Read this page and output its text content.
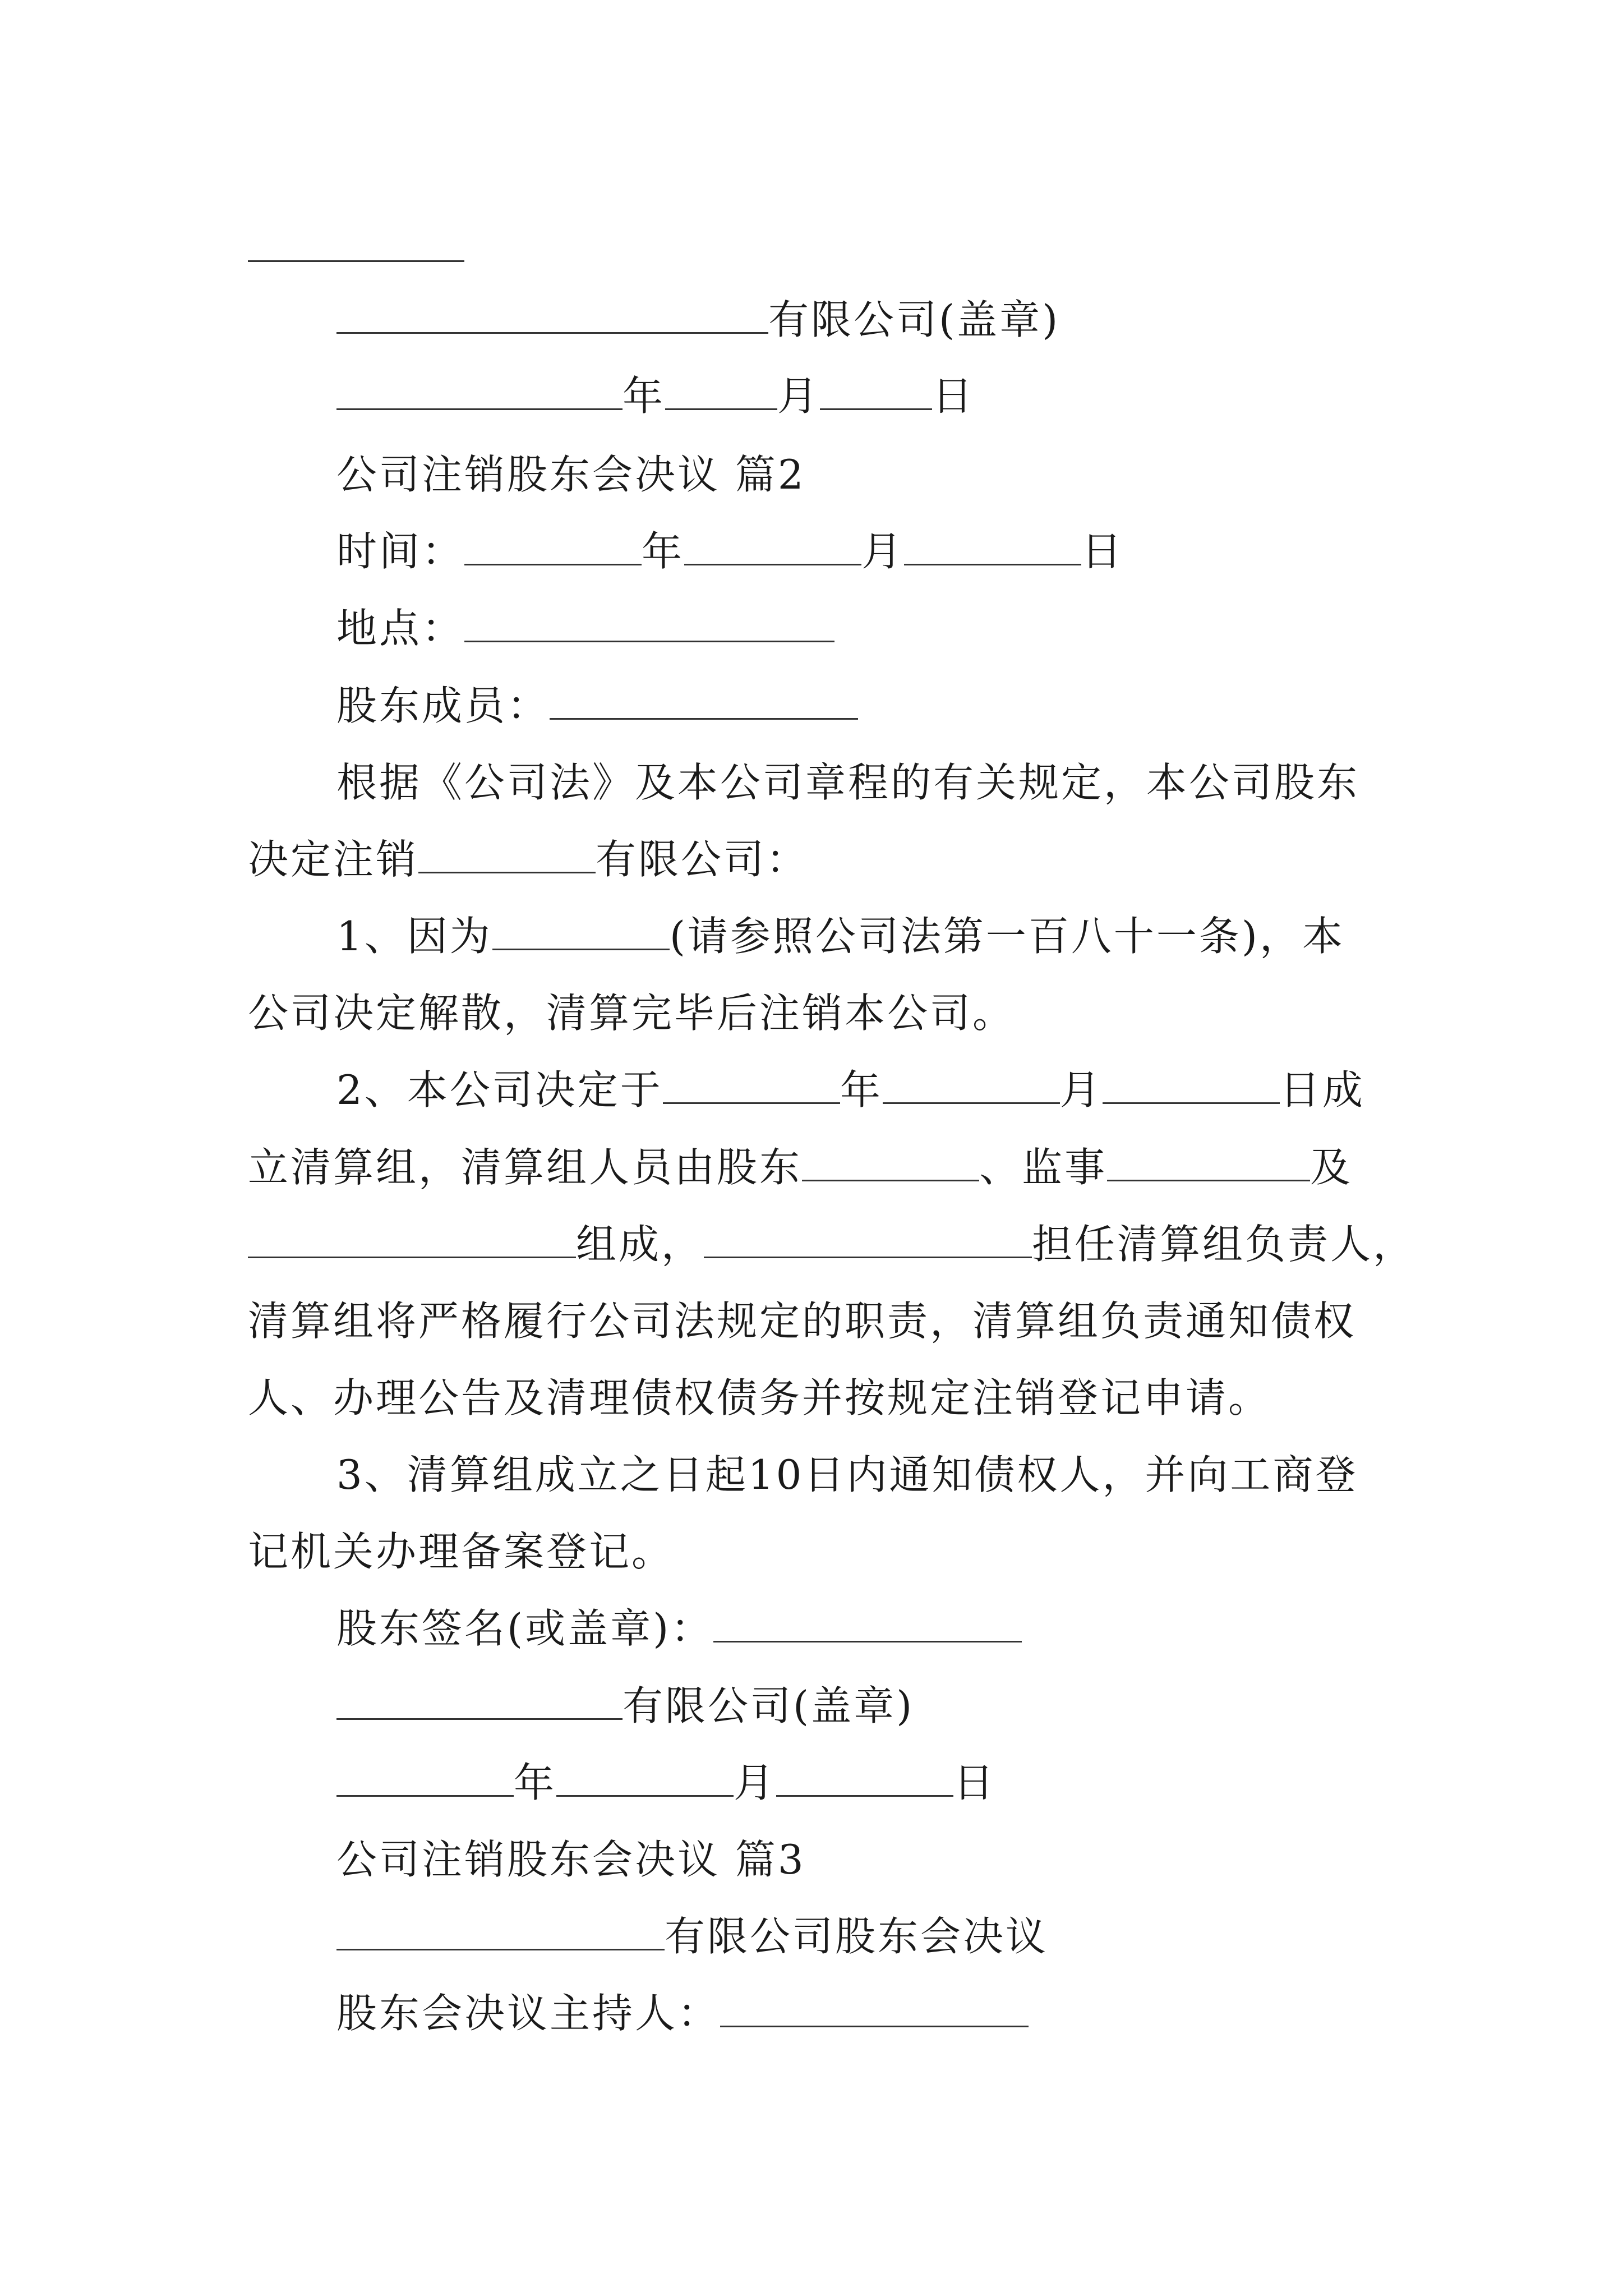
有限公司(盖章)
年	月	日
公司注销股东会决议 篇2
时间：	年	月	日
地点：
股东成员：
根据《公司法》及本公司章程的有关规定，本公司股东
决定注销	有限公司：
1、因为	(请参照公司法第一百八十一条)，本
公司决定解散，清算完毕后注销本公司。
2、本公司决定于	年	月	日成
立清算组，清算组人员由股东	、监事	及
组成，	担任清算组负责人，
清算组将严格履行公司法规定的职责，清算组负责通知债权
人、办理公告及清理债权债务并按规定注销登记申请。
3、清算组成立之日起10日内通知债权人，并向工商登
记机关办理备案登记。
股东签名(或盖章)：
有限公司(盖章)
年	月	日
公司注销股东会决议 篇3
有限公司股东会决议
股东会决议主持人：
